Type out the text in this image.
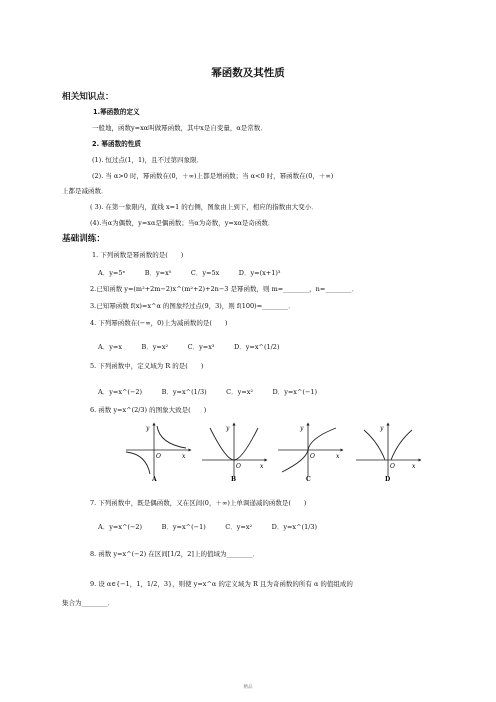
幂函数及其性质
相关知识点：
1.幂函数的定义
一般地，函数y=xα叫做幂函数，其中x是自变量，α是常数．
2. 幂函数的性质
(1). 恒过点(1，1)，且不过第四象限．
(2). 当 α>0 时，幂函数在(0，＋∞)上都是增函数；当 α<0 时，幂函数在(0，＋∞)
上都是减函数．
( 3). 在第一象限内，直线 x=1 的右侧，图象由上到下，相应的指数由大变小．
(4).当α为偶数，y=xα是偶函数；当α为奇数，y=xα是奇函数．
基础训练：
1. 下列函数是幂函数的是(　　)
A．y=5ˣ　　　B．y=x⁵　　　C．y=5x　　　D．y=(x+1)³
2.已知函数 y=(m²+2m−2)x^(m²+2)+2n−3 是幂函数，则 m=________，n=________．
3.已知幂函数 f(x)=x^α 的图象经过点(9，3)，则 f(100)=________．
4. 下列幂函数在(−∞，0)上为减函数的是(　　)
A．y=x　　　B．y=x²　　　C．y=x³　　　D．y=x^(1/2)
5. 下列函数中，定义域为 R 的是(　　)
A．y=x^(−2)　　　B．y=x^(1/3)　　　C．y=x²　　　D．y=x^(−1)
6. 函数 y=x^(2/3) 的图象大致是(　　)
y
O	x
A
y
O	x
B
y
O	x
C
y
O	x
D
7. 下列函数中，既是偶函数，又在区间(0，＋∞)上单调递减的函数是(　　)
A．y=x^(−2)　　　B．y=x^(−1)　　　C．y=x²　　　D．y=x^(1/3)
8. 函数 y=x^(−2) 在区间[1/2，2]上的值域为________．
9. 设 α∈{−1，1，1/2，3}，则使 y=x^α 的定义域为 R 且为奇函数的所有 α 的值组成的
集合为________．
精品
